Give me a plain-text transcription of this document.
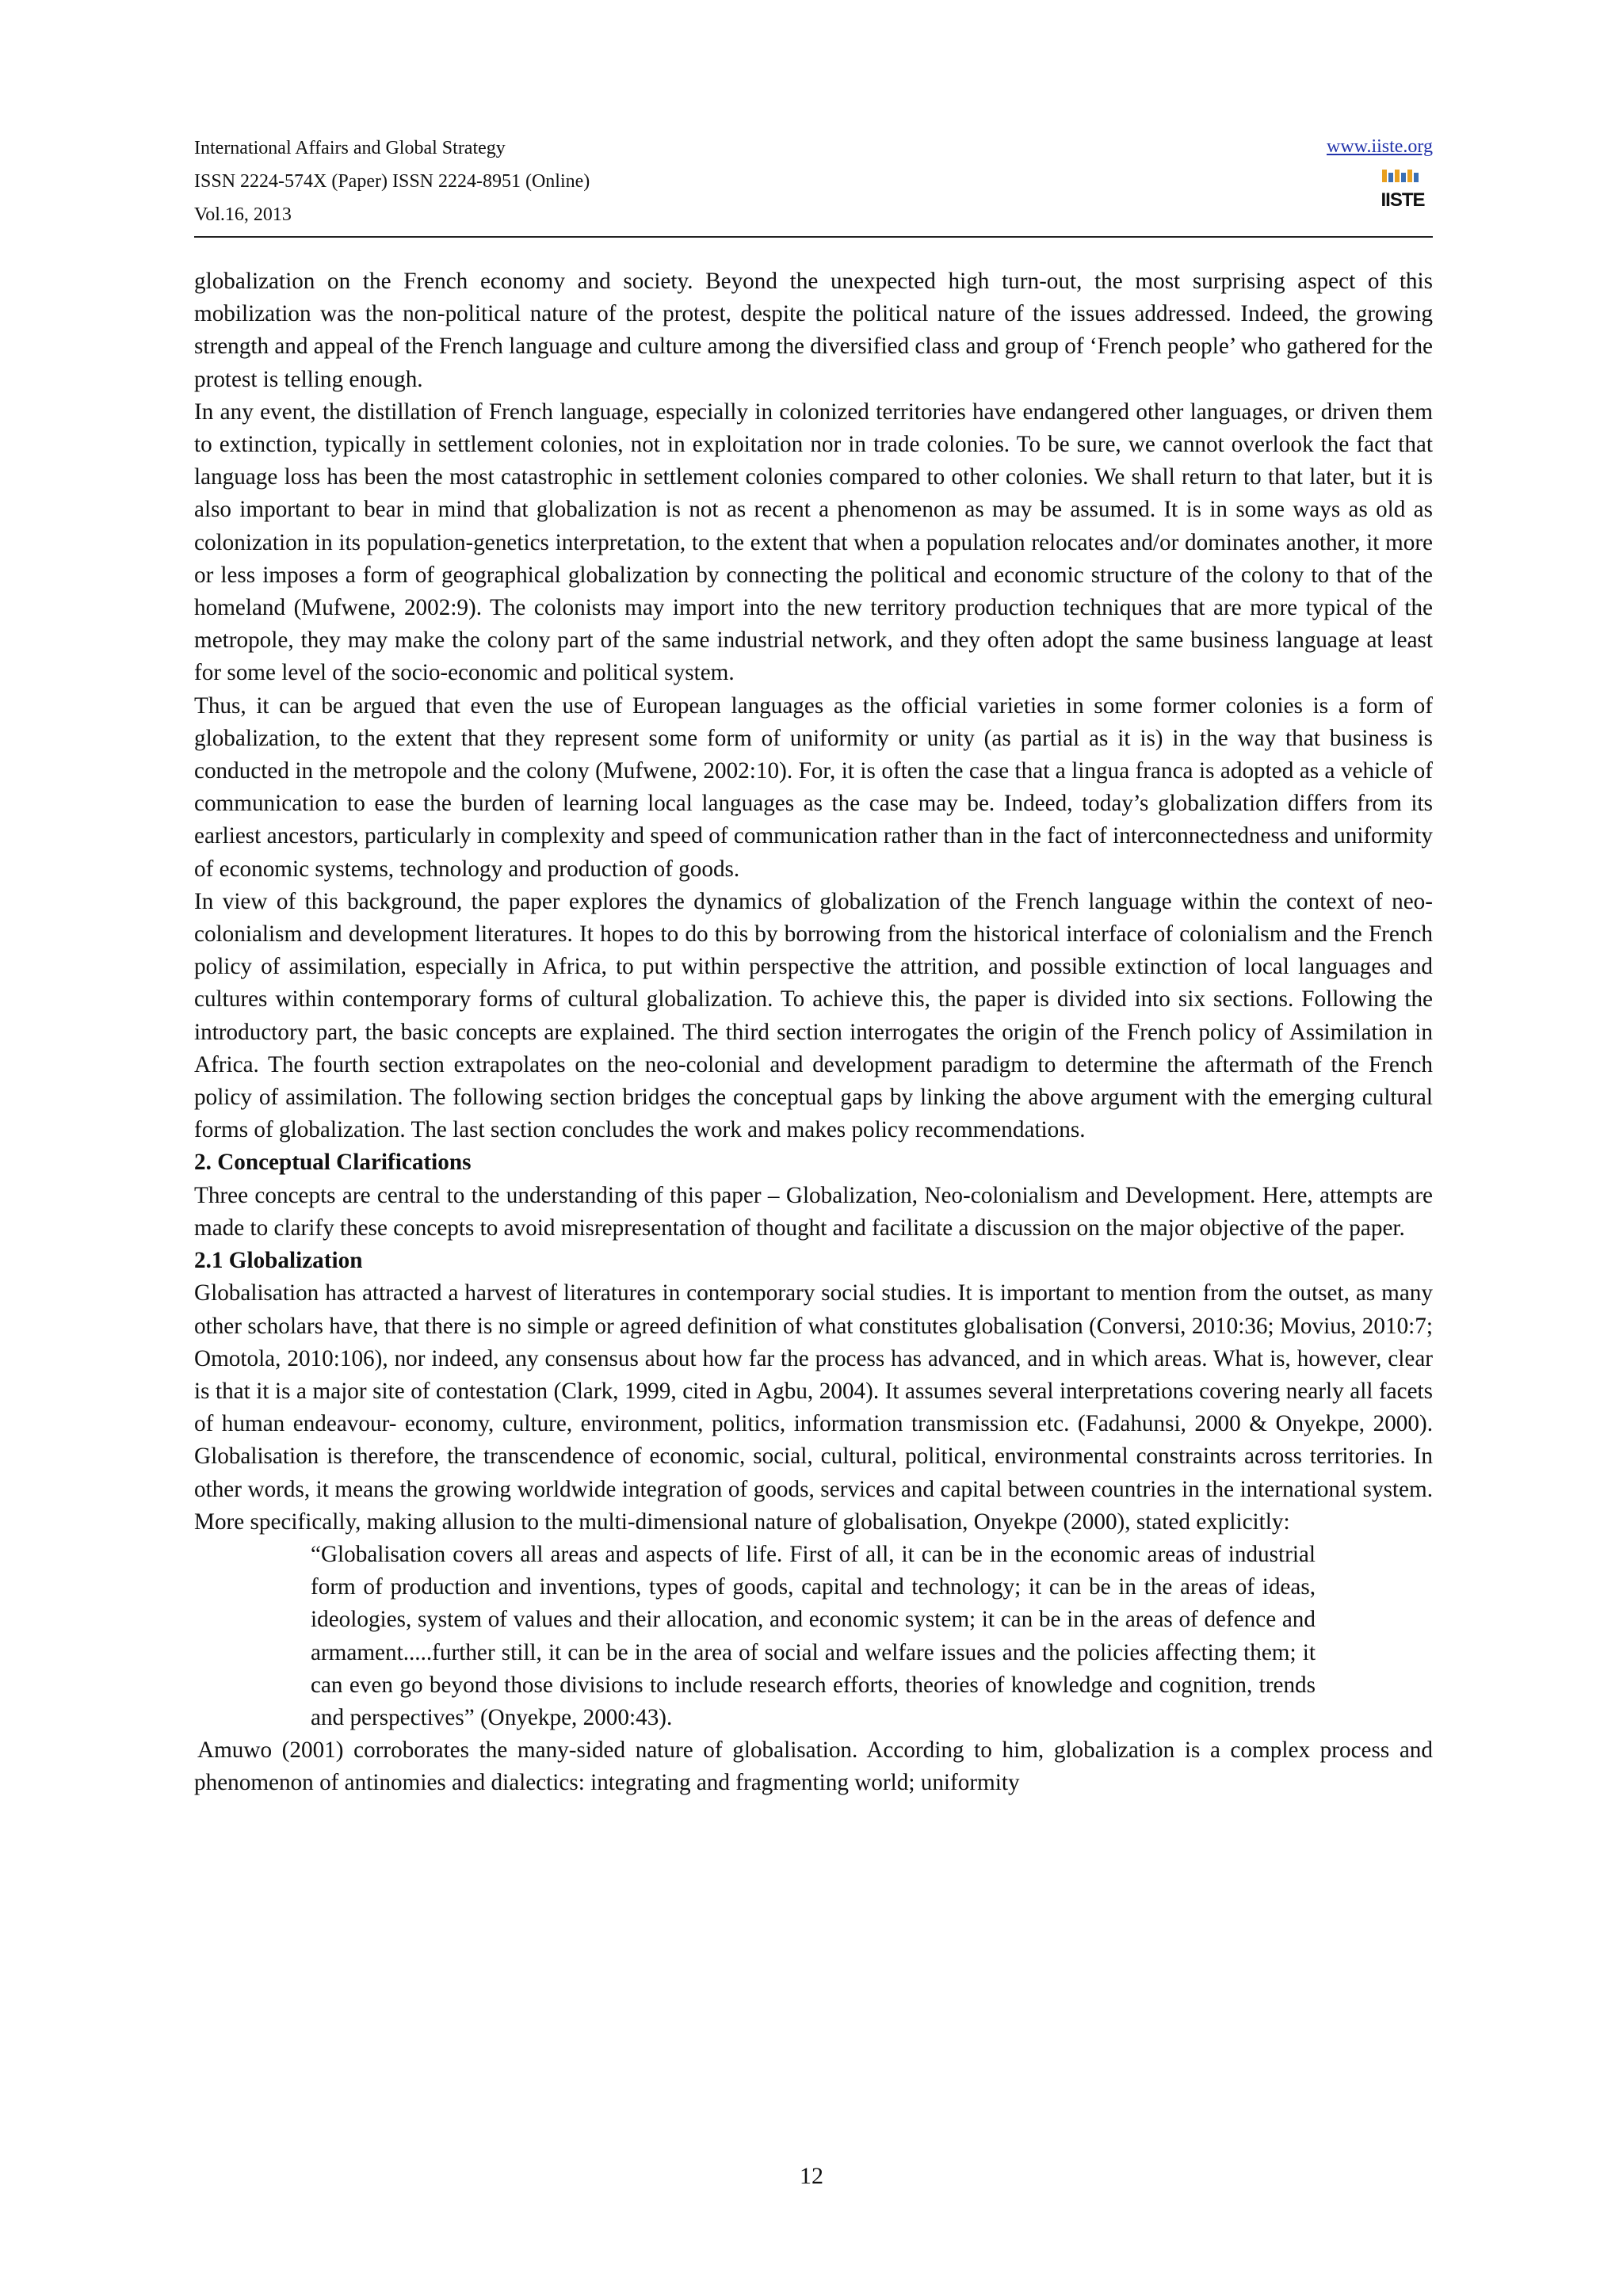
International Affairs and Global Strategy
ISSN 2224-574X (Paper) ISSN 2224-8951 (Online)
Vol.16, 2013
www.iiste.org
IISTE

globalization on the French economy and society. Beyond the unexpected high turn-out, the most surprising aspect of this mobilization was the non-political nature of the protest, despite the political nature of the issues addressed. Indeed, the growing strength and appeal of the French language and culture among the diversified class and group of ‘French people’ who gathered for the protest is telling enough.

In any event, the distillation of French language, especially in colonized territories have endangered other languages, or driven them to extinction, typically in settlement colonies, not in exploitation nor in trade colonies. To be sure, we cannot overlook the fact that language loss has been the most catastrophic in settlement colonies compared to other colonies. We shall return to that later, but it is also important to bear in mind that globalization is not as recent a phenomenon as may be assumed. It is in some ways as old as colonization in its population-genetics interpretation, to the extent that when a population relocates and/or dominates another, it more or less imposes a form of geographical globalization by connecting the political and economic structure of the colony to that of the homeland (Mufwene, 2002:9). The colonists may import into the new territory production techniques that are more typical of the metropole, they may make the colony part of the same industrial network, and they often adopt the same business language at least for some level of the socio-economic and political system.

Thus, it can be argued that even the use of European languages as the official varieties in some former colonies is a form of globalization, to the extent that they represent some form of uniformity or unity (as partial as it is) in the way that business is conducted in the metropole and the colony (Mufwene, 2002:10). For, it is often the case that a lingua franca is adopted as a vehicle of communication to ease the burden of learning local languages as the case may be. Indeed, today’s globalization differs from its earliest ancestors, particularly in complexity and speed of communication rather than in the fact of interconnectedness and uniformity of economic systems, technology and production of goods.

In view of this background, the paper explores the dynamics of globalization of the French language within the context of neo-colonialism and development literatures. It hopes to do this by borrowing from the historical interface of colonialism and the French policy of assimilation, especially in Africa, to put within perspective the attrition, and possible extinction of local languages and cultures within contemporary forms of cultural globalization. To achieve this, the paper is divided into six sections. Following the introductory part, the basic concepts are explained. The third section interrogates the origin of the French policy of Assimilation in Africa. The fourth section extrapolates on the neo-colonial and development paradigm to determine the aftermath of the French policy of assimilation. The following section bridges the conceptual gaps by linking the above argument with the emerging cultural forms of globalization. The last section concludes the work and makes policy recommendations.

2. Conceptual Clarifications

Three concepts are central to the understanding of this paper – Globalization, Neo-colonialism and Development. Here, attempts are made to clarify these concepts to avoid misrepresentation of thought and facilitate a discussion on the major objective of the paper.

2.1 Globalization

Globalisation has attracted a harvest of literatures in contemporary social studies. It is important to mention from the outset, as many other scholars have, that there is no simple or agreed definition of what constitutes globalisation (Conversi, 2010:36; Movius, 2010:7; Omotola, 2010:106), nor indeed, any consensus about how far the process has advanced, and in which areas. What is, however, clear is that it is a major site of contestation (Clark, 1999, cited in Agbu, 2004). It assumes several interpretations covering nearly all facets of human endeavour- economy, culture, environment, politics, information transmission etc. (Fadahunsi, 2000 & Onyekpe, 2000). Globalisation is therefore, the transcendence of economic, social, cultural, political, environmental constraints across territories. In other words, it means the growing worldwide integration of goods, services and capital between countries in the international system. More specifically, making allusion to the multi-dimensional nature of globalisation, Onyekpe (2000), stated explicitly:

“Globalisation covers all areas and aspects of life. First of all, it can be in the economic areas of industrial form of production and inventions, types of goods, capital and technology; it can be in the areas of ideas, ideologies, system of values and their allocation, and economic system; it can be in the areas of defence and armament.....further still, it can be in the area of social and welfare issues and the policies affecting them; it can even go beyond those divisions to include research efforts, theories of knowledge and cognition, trends and perspectives” (Onyekpe, 2000:43).

Amuwo (2001) corroborates the many-sided nature of globalisation. According to him, globalization is a complex process and phenomenon of antinomies and dialectics: integrating and fragmenting world; uniformity

12
